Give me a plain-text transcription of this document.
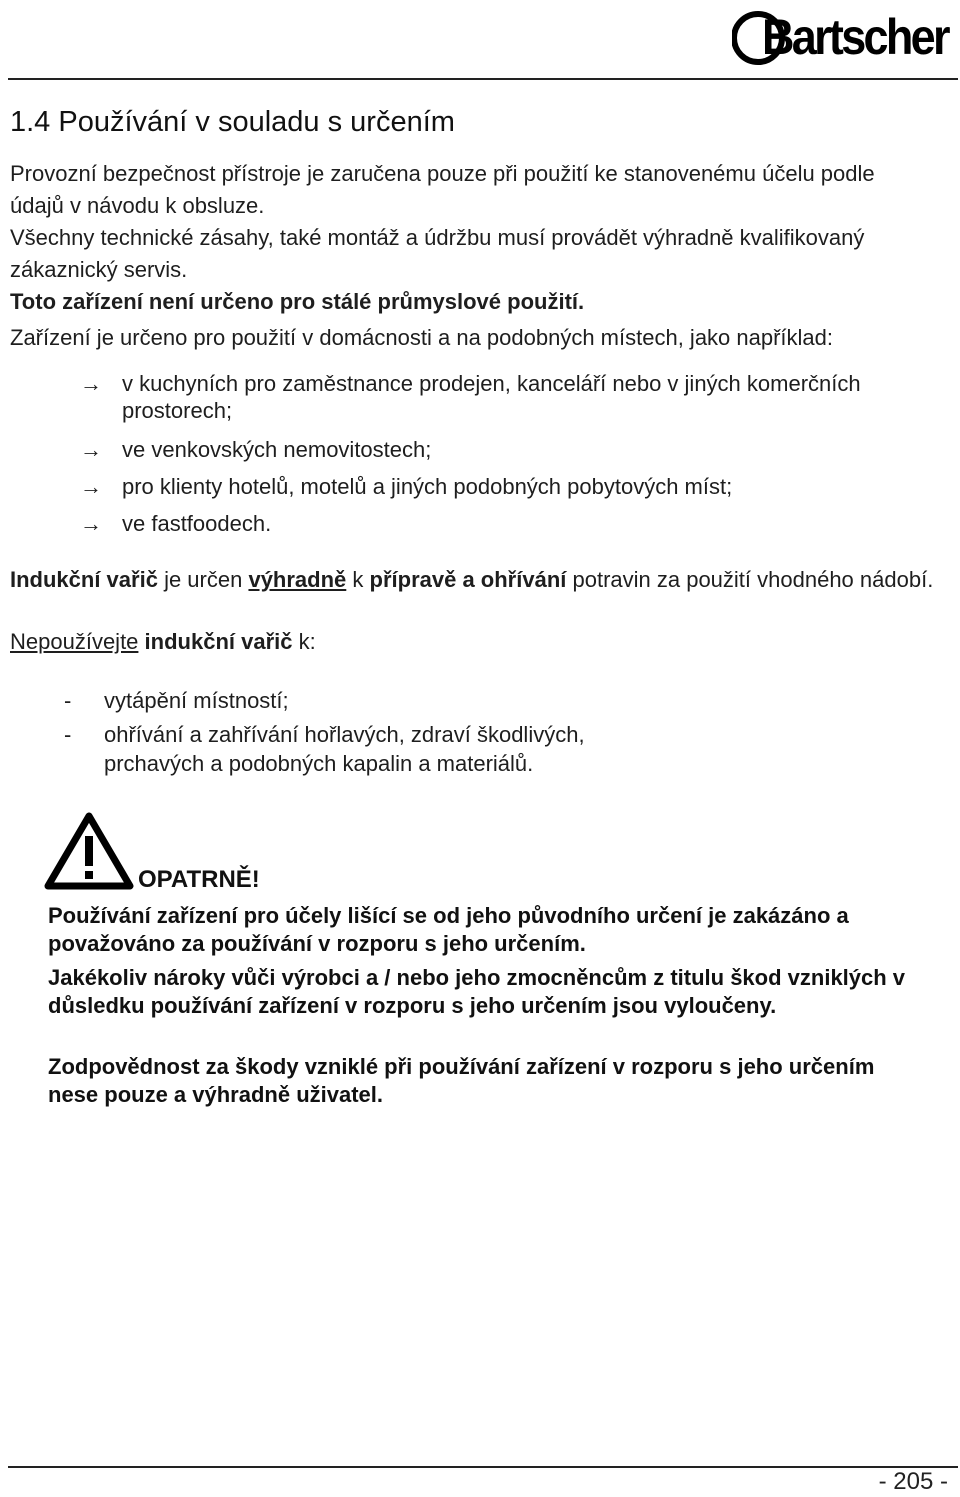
Bartscher
1.4 Používání v souladu s určením

Provozní bezpečnost přístroje je zaručena pouze při použití ke stanovenému účelu podle údajů v návodu k obsluze.

Všechny technické zásahy, také montáž a údržbu musí provádět výhradně kvalifikovaný zákaznický servis.

Toto zařízení není určeno pro stálé průmyslové použití.

Zařízení je určeno pro použití v domácnosti a na podobných místech, jako například:

→ v kuchyních pro zaměstnance prodejen, kanceláří nebo v jiných komerčních prostorech;
→ ve venkovských nemovitostech;
→ pro klienty hotelů, motelů a jiných podobných pobytových míst;
→ ve fastfoodech.

Indukční vařič je určen výhradně k přípravě a ohřívání potravin za použití vhodného nádobí.

Nepoužívejte indukční vařič k:

- vytápění místností;
- ohřívání a zahřívání hořlavých, zdraví škodlivých, prchavých a podobných kapalin a materiálů.
OPATRNĚ!
Používání zařízení pro účely lišící se od jeho původního určení je zakázáno a považováno za používání v rozporu s jeho určením.
Jakékoliv nároky vůči výrobci a / nebo jeho zmocněncům z titulu škod vzniklých v důsledku používání zařízení v rozporu s jeho určením jsou vyloučeny.
Zodpovědnost za škody vzniklé při používání zařízení v rozporu s jeho určením nese pouze a výhradně uživatel.
- 205 -
